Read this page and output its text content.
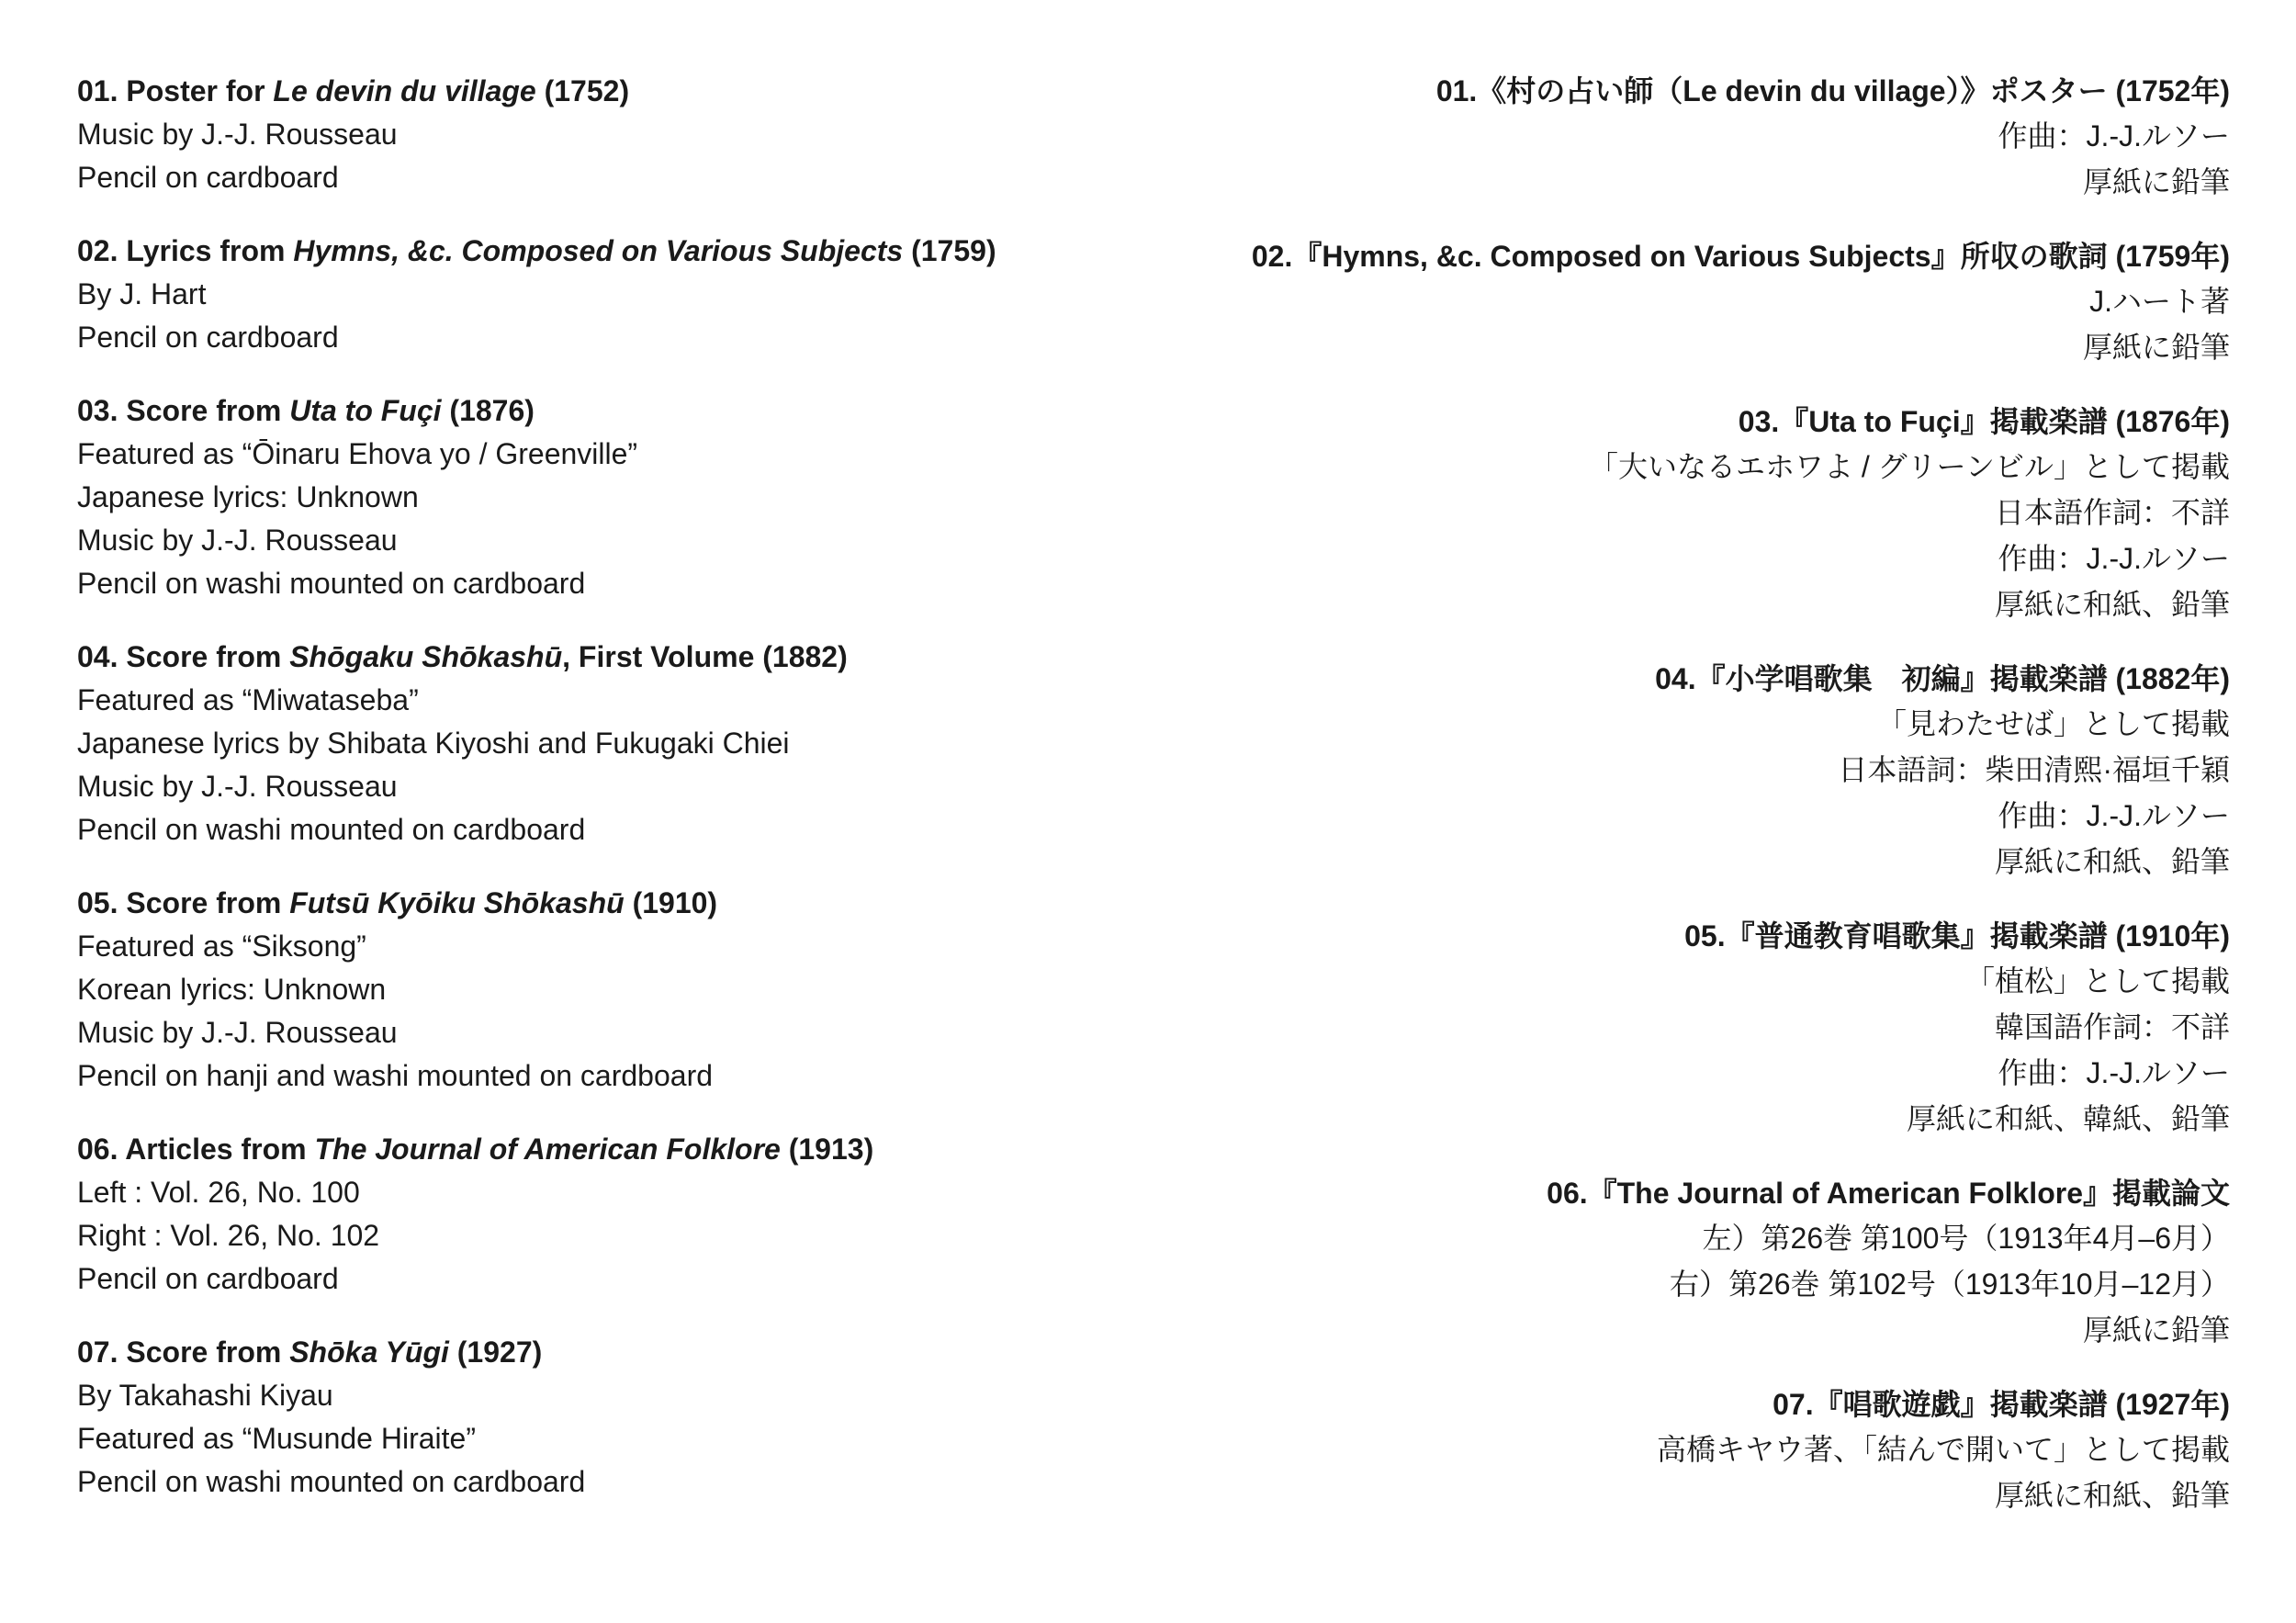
01. Poster for Le devin du village (1752)

Music by J.-J. Rousseau

Pencil on cardboard

02. Lyrics from Hymns, &c. Composed on Various Subjects (1759)

By J. Hart

Pencil on cardboard

03. Score from Uta to Fuçi (1876)

Featured as “Ōinaru Ehova yo / Greenville”

Japanese lyrics: Unknown

Music by J.-J. Rousseau

Pencil on washi mounted on cardboard

04. Score from Shōgaku Shōkashū, First Volume (1882)

Featured as “Miwataseba”

Japanese lyrics by Shibata Kiyoshi and Fukugaki Chiei

Music by J.-J. Rousseau

Pencil on washi mounted on cardboard

05. Score from Futsū Kyōiku Shōkashū (1910)

Featured as “Siksong”

Korean lyrics: Unknown

Music by J.-J. Rousseau

Pencil on hanji and washi mounted on cardboard

06. Articles from The Journal of American Folklore (1913)

Left : Vol. 26, No. 100

Right : Vol. 26, No. 102

Pencil on cardboard

07. Score from Shōka Yūgi (1927)

By Takahashi Kiyau

Featured as “Musunde Hiraite”

Pencil on washi mounted on cardboard

01.《村の占い師（Le devin du village）》ポスター (1752年)

作曲：J.-J.ルソー

厚紙に鉛筆

02.『Hymns, &c. Composed on Various Subjects』所収の歌詞 (1759年)

J.ハート著

厚紙に鉛筆

03.『Uta to Fuçi』掲載楽譜 (1876年)

「大いなるエホワよ / グリーンビル」として掲載

日本語作詞：不詳

作曲：J.-J.ルソー

厚紙に和紙、鉛筆

04.『小学唱歌集　初編』掲載楽譜 (1882年)

「見わたせば」として掲載

日本語詞：柴田清熙·福垣千穎

作曲：J.-J.ルソー

厚紙に和紙、鉛筆

05.『普通教育唱歌集』掲載楽譜 (1910年)

「植松」として掲載

韓国語作詞：不詳

作曲：J.-J.ルソー

厚紙に和紙、韓紙、鉛筆

06.『The Journal of American Folklore』掲載論文

左）第26巻 第100号（1913年4月–6月）

右）第26巻 第102号（1913年10月–12月）

厚紙に鉛筆

07.『唱歌遊戯』掲載楽譜 (1927年)

高橋キヤウ著、「結んで開いて」として掲載

厚紙に和紙、鉛筆
